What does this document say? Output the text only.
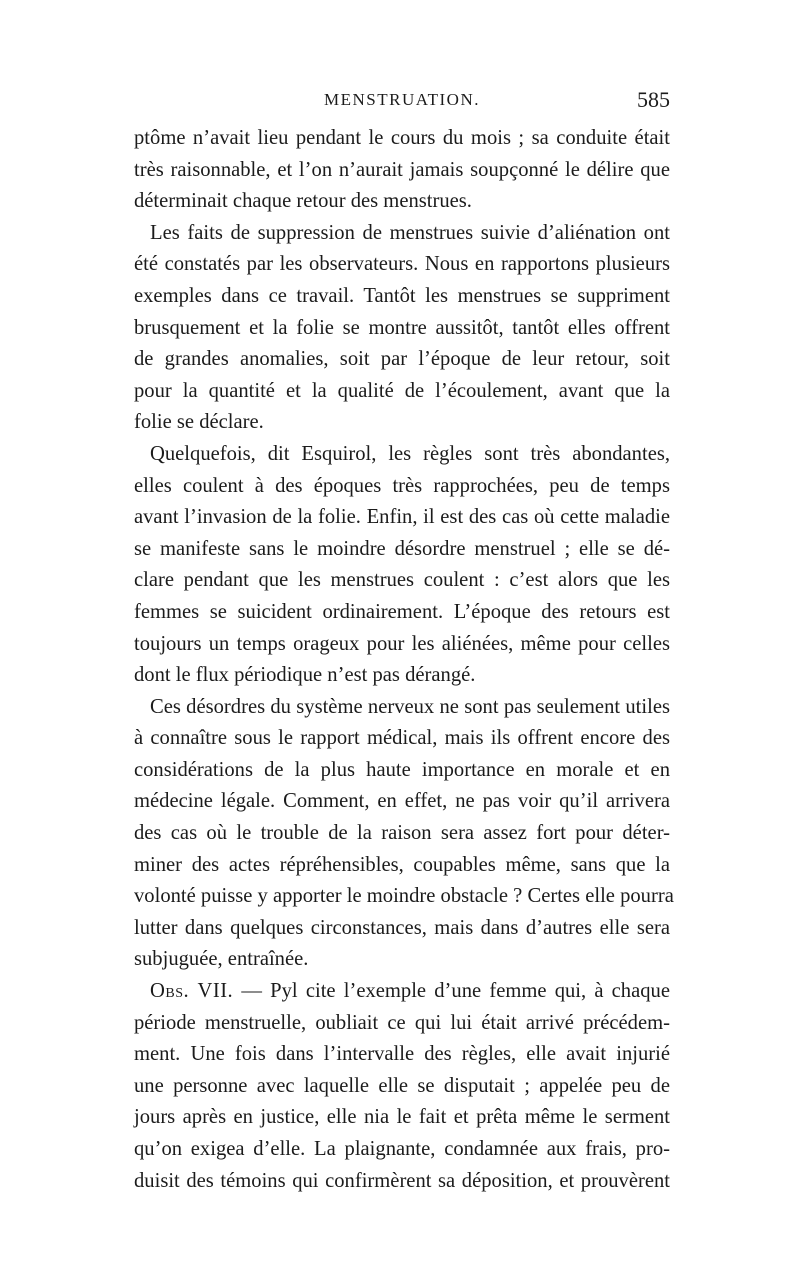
MENSTRUATION.	585

ptôme n’avait lieu pendant le cours du mois ; sa conduite était
très raisonnable, et l’on n’aurait jamais soupçonné le délire que
déterminait chaque retour des menstrues.

Les faits de suppression de menstrues suivie d’aliénation ont
été constatés par les observateurs. Nous en rapportons plusieurs
exemples dans ce travail. Tantôt les menstrues se suppriment
brusquement et la folie se montre aussitôt, tantôt elles offrent
de grandes anomalies, soit par l’époque de leur retour, soit
pour la quantité et la qualité de l’écoulement, avant que la
folie se déclare.

Quelquefois, dit Esquirol, les règles sont très abondantes,
elles coulent à des époques très rapprochées, peu de temps
avant l’invasion de la folie. Enfin, il est des cas où cette maladie
se manifeste sans le moindre désordre menstruel ; elle se dé-
clare pendant que les menstrues coulent : c’est alors que les
femmes se suicident ordinairement. L’époque des retours est
toujours un temps orageux pour les aliénées, même pour celles
dont le flux périodique n’est pas dérangé.

Ces désordres du système nerveux ne sont pas seulement utiles
à connaître sous le rapport médical, mais ils offrent encore des
considérations de la plus haute importance en morale et en
médecine légale. Comment, en effet, ne pas voir qu’il arrivera
des cas où le trouble de la raison sera assez fort pour déter-
miner des actes répréhensibles, coupables même, sans que la
volonté puisse y apporter le moindre obstacle ? Certes elle pourra
lutter dans quelques circonstances, mais dans d’autres elle sera
subjuguée, entraînée.

Obs. VII. — Pyl cite l’exemple d’une femme qui, à chaque
période menstruelle, oubliait ce qui lui était arrivé précédem-
ment. Une fois dans l’intervalle des règles, elle avait injurié
une personne avec laquelle elle se disputait ; appelée peu de
jours après en justice, elle nia le fait et prêta même le serment
qu’on exigea d’elle. La plaignante, condamnée aux frais, pro-
duisit des témoins qui confirmèrent sa déposition, et prouvèrent
